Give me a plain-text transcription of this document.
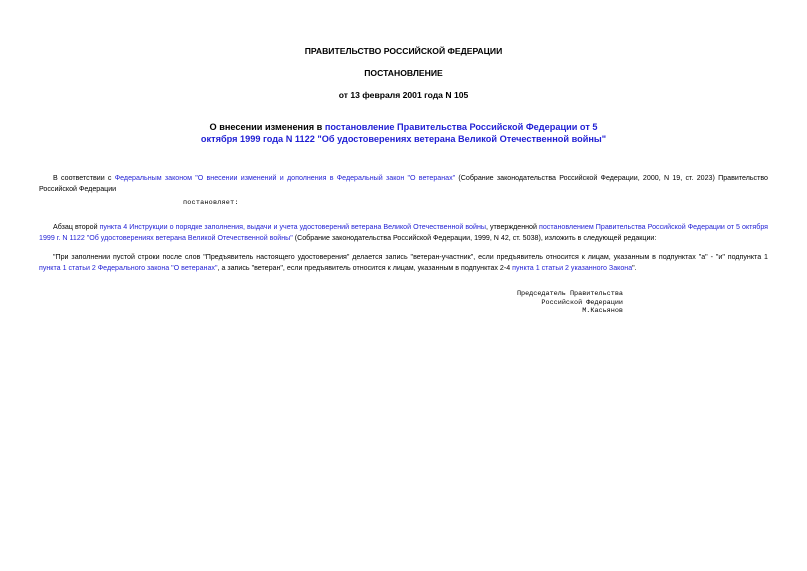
ПРАВИТЕЛЬСТВО РОССИЙСКОЙ ФЕДЕРАЦИИ
ПОСТАНОВЛЕНИЕ
от 13 февраля 2001 года N 105
О внесении изменения в постановление Правительства Российской Федерации от 5 октября 1999 года N 1122 "Об удостоверениях ветерана Великой Отечественной войны"
В соответствии с Федеральным законом "О внесении изменений и дополнения в Федеральный закон "О ветеранах" (Собрание законодательства Российской Федерации, 2000, N 19, ст. 2023) Правительство Российской Федерации
постановляет:
Абзац второй пункта 4 Инструкции о порядке заполнения, выдачи и учета удостоверений ветерана Великой Отечественной войны, утвержденной постановлением Правительства Российской Федерации от 5 октября 1999 г. N 1122 "Об удостоверениях ветерана Великой Отечественной войны" (Собрание законодательства Российской Федерации, 1999, N 42, ст. 5038), изложить в следующей редакции:
"При заполнении пустой строки после слов "Предъявитель настоящего удостоверения" делается запись "ветеран-участник", если предъявитель относится к лицам, указанным в подпунктах "а" - "и" подпункта 1 пункта 1 статьи 2 Федерального закона "О ветеранах", а запись "ветеран", если предъявитель относится к лицам, указанным в подпунктах 2-4 пункта 1 статьи 2 указанного Закона".
Председатель Правительства
Российской Федерации
М.Касьянов
